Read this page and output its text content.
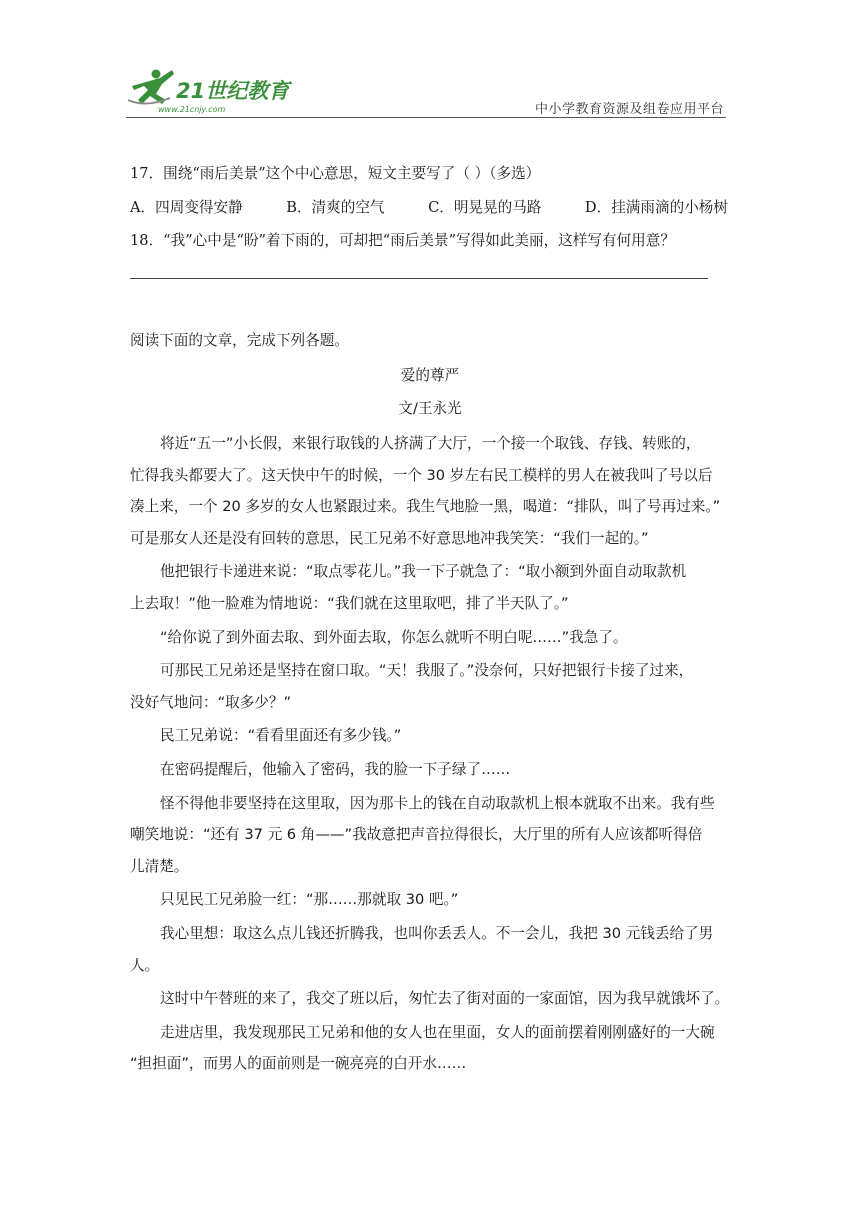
21世纪教育
www.21cnjy.com	中小学教育资源及组卷应用平台
17．围绕“雨后美景”这个中心意思，短文主要写了（ ）（多选）
A．四周变得安静	B．清爽的空气	C．明晃晃的马路	D．挂满雨滴的小杨树
18．“我”心中是“盼”着下雨的，可却把“雨后美景”写得如此美丽，这样写有何用意？
阅读下面的文章，完成下列各题。
爱的尊严
文/王永光
将近“五一”小长假，来银行取钱的人挤满了大厅，一个接一个取钱、存钱、转账的，
忙得我头都要大了。这天快中午的时候，一个 30 岁左右民工模样的男人在被我叫了号以后
凑上来，一个 20 多岁的女人也紧跟过来。我生气地脸一黑，喝道：“排队，叫了号再过来。”
可是那女人还是没有回转的意思，民工兄弟不好意思地冲我笑笑：“我们一起的。”
他把银行卡递进来说：“取点零花儿。”我一下子就急了：“取小额到外面自动取款机
上去取！”他一脸难为情地说：“我们就在这里取吧，排了半天队了。”
“给你说了到外面去取、到外面去取，你怎么就听不明白呢……”我急了。
可那民工兄弟还是坚持在窗口取。“天！我服了。”没奈何，只好把银行卡接了过来，
没好气地问：“取多少？”
民工兄弟说：“看看里面还有多少钱。”
在密码提醒后，他输入了密码，我的脸一下子绿了……
怪不得他非要坚持在这里取，因为那卡上的钱在自动取款机上根本就取不出来。我有些
嘲笑地说：“还有 37 元 6 角——”我故意把声音拉得很长，大厅里的所有人应该都听得倍
儿清楚。
只见民工兄弟脸一红：“那……那就取 30 吧。”
我心里想：取这么点儿钱还折腾我，也叫你丢丢人。不一会儿，我把 30 元钱丢给了男
人。
这时中午替班的来了，我交了班以后，匆忙去了街对面的一家面馆，因为我早就饿坏了。
走进店里，我发现那民工兄弟和他的女人也在里面，女人的面前摆着刚刚盛好的一大碗
“担担面”，而男人的面前则是一碗亮亮的白开水……
